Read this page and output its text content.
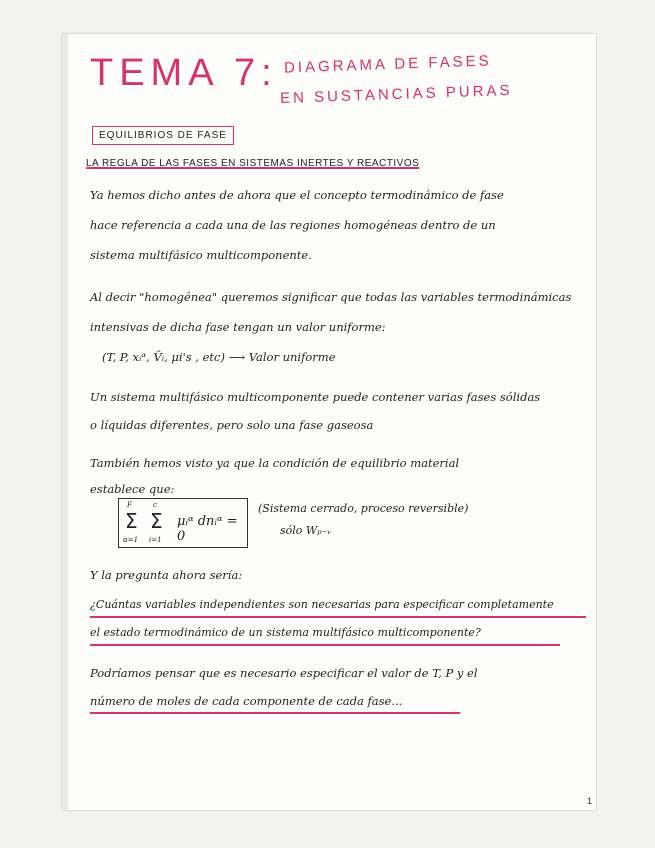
TEMA 7: DIAGRAMA DE FASES
EN SUSTANCIAS PURAS
EQUILIBRIOS DE FASE
LA REGLA DE LAS FASES EN SISTEMAS INERTES Y REACTIVOS
Ya hemos dicho antes de ahora que el concepto termodinámico de fase
hace referencia a cada una de las regiones homogéneas dentro de un
sistema multifásico multicomponente.
Al decir "homogénea" queremos significar que todas las variables termodinámicas
intensivas de dicha fase tengan un valor uniforme:
(T, P, xᵢᵅ, V̄ᵢ, μi's , etc) ⟶ Valor uniforme
Un sistema multifásico multicomponente puede contener varias fases sólidas
o líquidas diferentes, pero solo una fase gaseosa
También hemos visto ya que la condición de equilibrio material
establece que:
F
Σ
α=1
c
Σ
i=1
μᵢᵅ dnᵢᵅ = 0
(Sistema cerrado, proceso reversible)
sólo Wₚ₋ᵥ
Y la pregunta ahora sería:
¿Cuántas variables independientes son necesarias para especificar completamente
el estado termodinámico de un sistema multifásico multicomponente?
Podríamos pensar que es necesario especificar el valor de T, P y el
número de moles de cada componente de cada fase...
1
